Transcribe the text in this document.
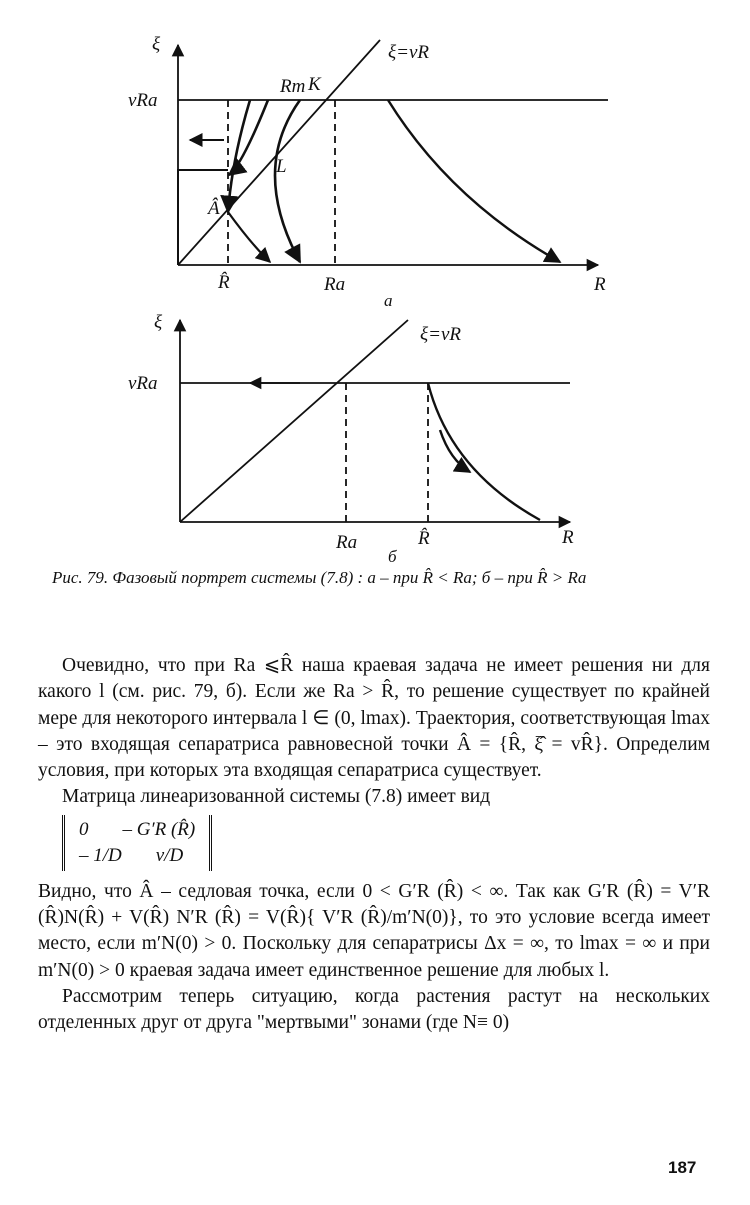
ξ
vRa
ξ=vR
Rm K
L
Â
R̂	Ra	R
а
ξ
vRa
ξ=vR
Ra	R̂	R
б
Рис. 79. Фазовый портрет системы (7.8) : а – при R̂ < Ra; б – при R̂ > Ra

Очевидно, что при Ra ⩽R̂ наша краевая задача не имеет решения ни для какого l (см. рис. 79, б). Если же Ra > R̂, то решение существует по крайней мере для некоторого интервала l ∈ (0, lmax). Траектория, соответствующая lmax – это входящая сепаратриса равновесной точки Â = {R̂, ξ̂ = vR̂}. Определим условия, при которых эта входящая сепаратриса существует.

Матрица линеаризованной системы (7.8) имеет вид

0 – G′R (R̂)
– 1/D v/D

Видно, что Â – седловая точка, если 0 < G′R (R̂) < ∞. Так как G′R (R̂) = V′R (R̂)N(R̂) + V(R̂) N′R (R̂) = V(R̂){ V′R (R̂)/m′N(0)}, то это условие всегда имеет место, если m′N(0) > 0. Поскольку для сепаратрисы Δx = ∞, то lmax = ∞ и при m′N(0) > 0 краевая задача имеет единственное решение для любых l.

Рассмотрим теперь ситуацию, когда растения растут на нескольких отделенных друг от друга "мертвыми" зонами (где N≡ 0)

187
